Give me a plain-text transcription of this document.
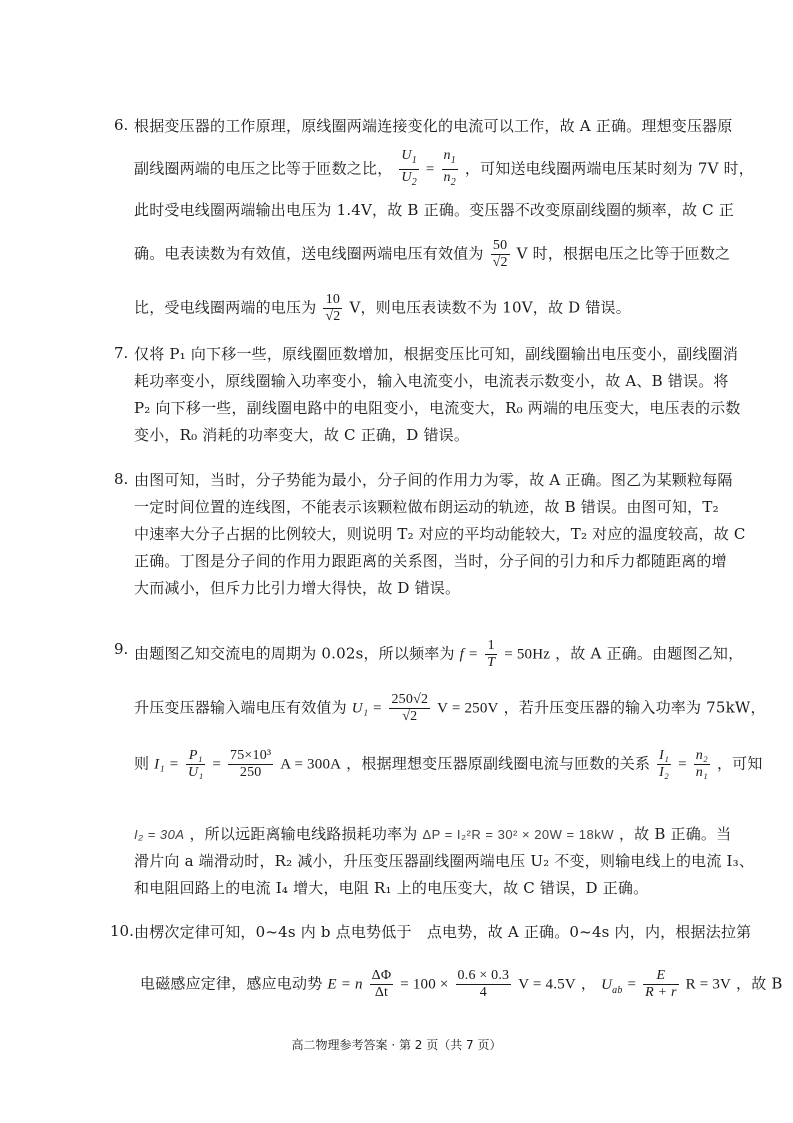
6. 根据变压器的工作原理，原线圈两端连接变化的电流可以工作，故 A 正确。理想变压器原
副线圈两端的电压之比等于匝数之比， $\frac{U_1}{U_2} = \frac{n_1}{n_2}$ ，可知送电线圈两端电压某时刻为 7V 时，
此时受电线圈两端输出电压为 1.4V，故 B 正确。变压器不改变原副线圈的频率，故 C 正
确。电表读数为有效值，送电线圈两端电压有效值为 $\frac{50}{√2}$ V 时，根据电压之比等于匝数之
比，受电线圈两端的电压为 $\frac{10}{√2}$ V，则电压表读数不为 10V，故 D 错误。
7. 仅将 P₁ 向下移一些，原线圈匝数增加，根据变压比可知，副线圈输出电压变小，副线圈消
耗功率变小，原线圈输入功率变小，输入电流变小，电流表示数变小，故 A、B 错误。将
P₂ 向下移一些，副线圈电路中的电阻变小，电流变大，R₀ 两端的电压变大，电压表的示数
变小，R₀ 消耗的功率变大，故 C 正确，D 错误。
8. 由图可知，当时，分子势能为最小，分子间的作用力为零，故 A 正确。图乙为某颗粒每隔
一定时间位置的连线图，不能表示该颗粒做布朗运动的轨迹，故 B 错误。由图可知，T₂
中速率大分子占据的比例较大，则说明 T₂ 对应的平均动能较大，T₂ 对应的温度较高，故 C
正确。丁图是分子间的作用力跟距离的关系图，当时，分子间的引力和斥力都随距离的增
大而减小，但斥力比引力增大得快，故 D 错误。
9. 由题图乙知交流电的周期为 0.02s，所以频率为 $f = \frac{1}{T} = 50Hz$ ，故 A 正确。由题图乙知，
升压变压器输入端电压有效值为 $U_1 = \frac{250√2}{√2}$ V = 250V ，若升压变压器的输入功率为 75kW，
则 $I_1 = \frac{\text{P₁}}{\text{U₁}} = \frac{\text{75×10³}}{250}$ A = 300A ，根据理想变压器原副线圈电流与匝数的关系 $\frac{\text{I₁}}{\text{I₂}} = \frac{\text{n₂}}{\text{n₁}}$ ，可知
I₂ = 30A ，所以远距离输电线路损耗功率为 ΔP = I₂²R = 30² × 20W = 18kW ，故 B 正确。当
滑片向 a 端滑动时，R₂ 减小，升压变压器副线圈两端电压 U₂ 不变，则输电线上的电流 I₃、
和电阻回路上的电流 I₄ 增大，电阻 R₁ 上的电压变大，故 C 错误，D 正确。
10. 由楞次定律可知，0~4s 内 b 点电势低于　点电势，故 A 正确。0~4s 内，内，根据法拉第
电磁感应定律，感应电动势 E = n $\frac{\Delta\Phi}{\Delta t} = 100 \times \frac{0.6 \times 0.3}{4}$ V = 4.5V ， $U_{ab} = \frac{E}{R + r}$ R = 3V ，故 B
高二物理参考答案 · 第 2 页（共 7 页）
